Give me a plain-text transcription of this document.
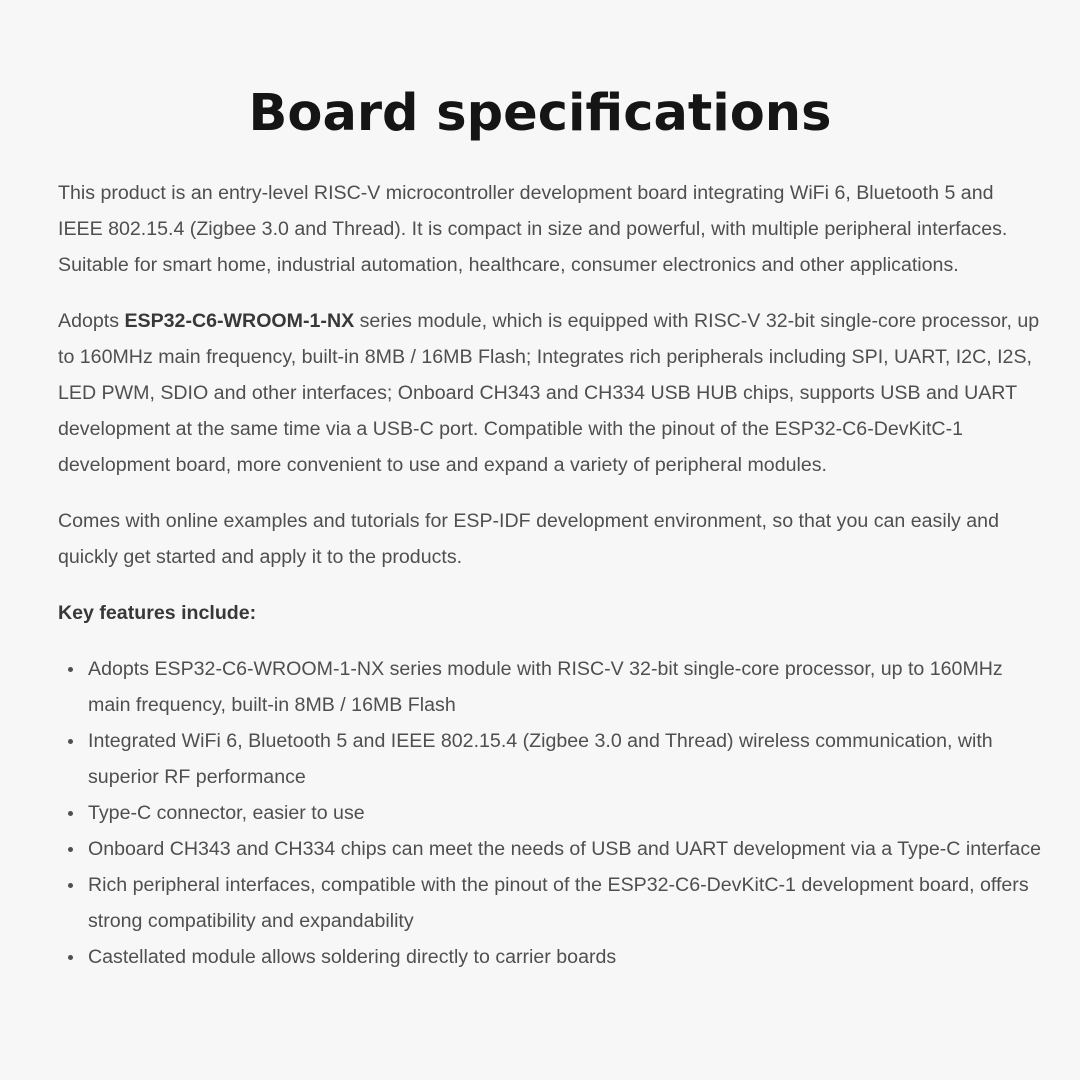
Board specifications

This product is an entry-level RISC-V microcontroller development board integrating WiFi 6, Bluetooth 5 and IEEE 802.15.4 (Zigbee 3.0 and Thread). It is compact in size and powerful, with multiple peripheral interfaces. Suitable for smart home, industrial automation, healthcare, consumer electronics and other applications.

Adopts ESP32-C6-WROOM-1-NX series module, which is equipped with RISC-V 32-bit single-core processor, up to 160MHz main frequency, built-in 8MB / 16MB Flash; Integrates rich peripherals including SPI, UART, I2C, I2S, LED PWM, SDIO and other interfaces; Onboard CH343 and CH334 USB HUB chips, supports USB and UART development at the same time via a USB-C port. Compatible with the pinout of the ESP32-C6-DevKitC-1 development board, more convenient to use and expand a variety of peripheral modules.

Comes with online examples and tutorials for ESP-IDF development environment, so that you can easily and quickly get started and apply it to the products.

Key features include:

Adopts ESP32-C6-WROOM-1-NX series module with RISC-V 32-bit single-core processor, up to 160MHz main frequency, built-in 8MB / 16MB Flash
Integrated WiFi 6, Bluetooth 5 and IEEE 802.15.4 (Zigbee 3.0 and Thread) wireless communication, with superior RF performance
Type-C connector, easier to use
Onboard CH343 and CH334 chips can meet the needs of USB and UART development via a Type-C interface
Rich peripheral interfaces, compatible with the pinout of the ESP32-C6-DevKitC-1 development board, offers strong compatibility and expandability
Castellated module allows soldering directly to carrier boards
